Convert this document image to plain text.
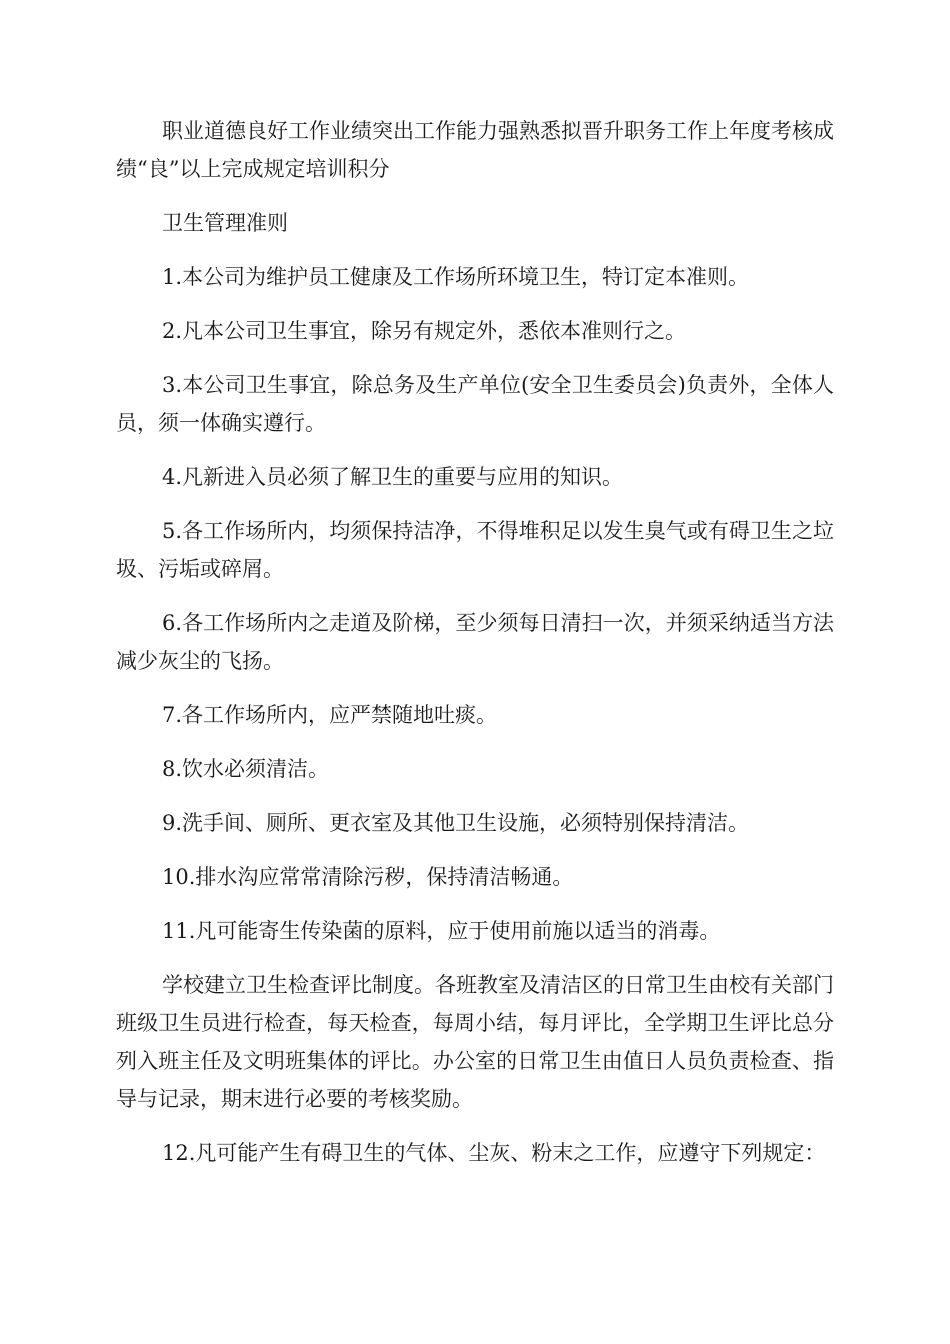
职业道德良好工作业绩突出工作能力强熟悉拟晋升职务工作上年度考核成绩“良”以上完成规定培训积分

卫生管理准则

1.本公司为维护员工健康及工作场所环境卫生，特订定本准则。

2.凡本公司卫生事宜，除另有规定外，悉依本准则行之。

3.本公司卫生事宜，除总务及生产单位(安全卫生委员会)负责外，全体人员，须一体确实遵行。

4.凡新进入员必须了解卫生的重要与应用的知识。

5.各工作场所内，均须保持洁净，不得堆积足以发生臭气或有碍卫生之垃圾、污垢或碎屑。

6.各工作场所内之走道及阶梯，至少须每日清扫一次，并须采纳适当方法减少灰尘的飞扬。

7.各工作场所内，应严禁随地吐痰。

8.饮水必须清洁。

9.洗手间、厕所、更衣室及其他卫生设施，必须特别保持清洁。

10.排水沟应常常清除污秽，保持清洁畅通。

11.凡可能寄生传染菌的原料，应于使用前施以适当的消毒。

学校建立卫生检查评比制度。各班教室及清洁区的日常卫生由校有关部门班级卫生员进行检查，每天检查，每周小结，每月评比，全学期卫生评比总分列入班主任及文明班集体的评比。办公室的日常卫生由值日人员负责检查、指导与记录，期末进行必要的考核奖励。

12.凡可能产生有碍卫生的气体、尘灰、粉末之工作，应遵守下列规定：
